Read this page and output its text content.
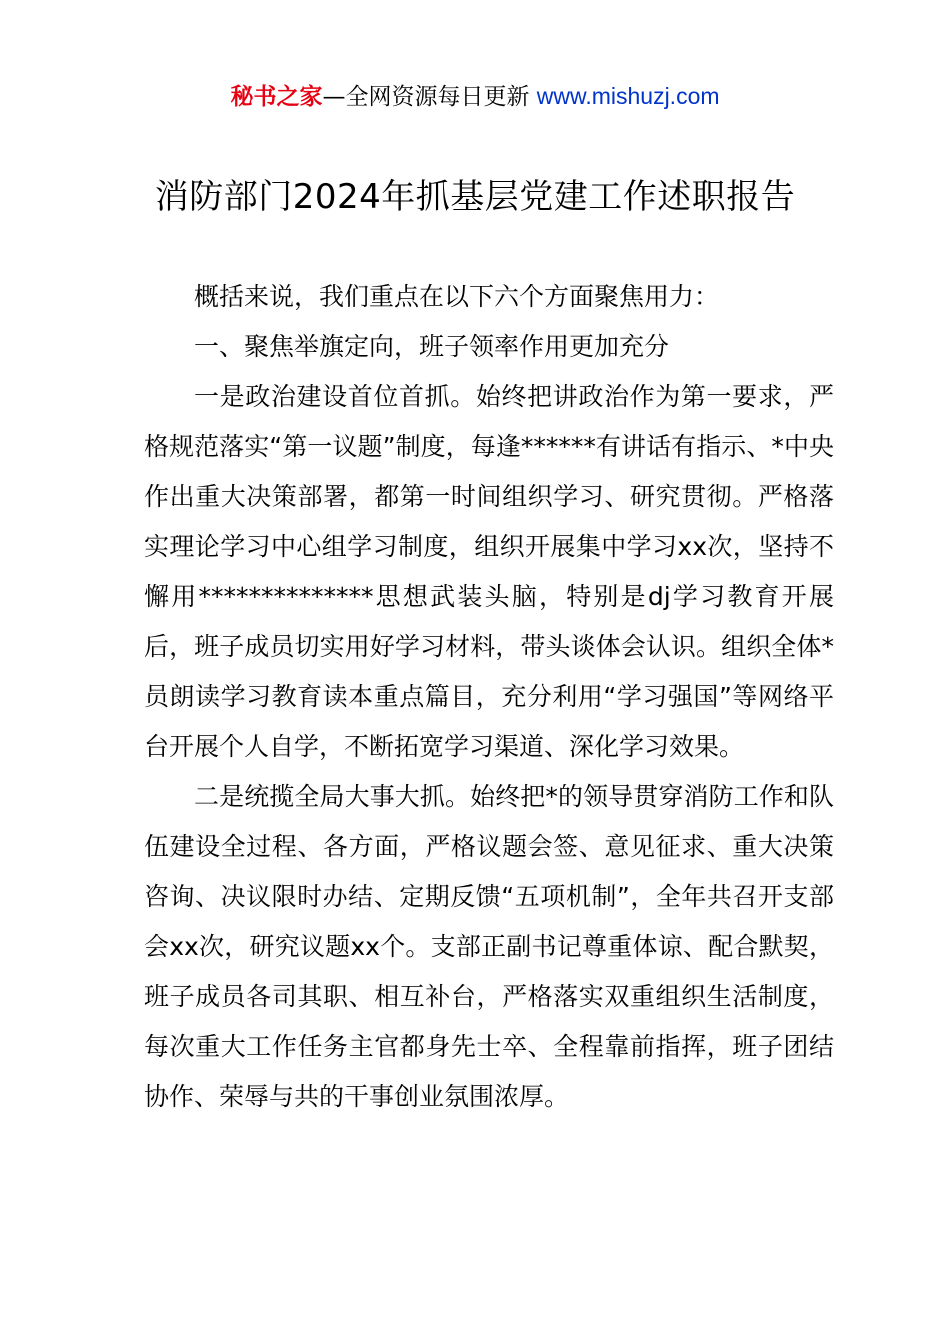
秘书之家—全网资源每日更新 www.mishuzj.com
消防部门2024年抓基层党建工作述职报告

概括来说，我们重点在以下六个方面聚焦用力：

一、聚焦举旗定向，班子领率作用更加充分

一是政治建设首位首抓。始终把讲政治作为第一要求，严格规范落实“第一议题”制度，每逢******有讲话有指示、*中央作出重大决策部署，都第一时间组织学习、研究贯彻。严格落实理论学习中心组学习制度，组织开展集中学习xx次，坚持不懈用**************思想武装头脑，特别是dj学习教育开展后，班子成员切实用好学习材料，带头谈体会认识。组织全体*员朗读学习教育读本重点篇目，充分利用“学习强国”等网络平台开展个人自学，不断拓宽学习渠道、深化学习效果。

二是统揽全局大事大抓。始终把*的领导贯穿消防工作和队伍建设全过程、各方面，严格议题会签、意见征求、重大决策咨询、决议限时办结、定期反馈“五项机制”，全年共召开支部会xx次，研究议题xx个。支部正副书记尊重体谅、配合默契，班子成员各司其职、相互补台，严格落实双重组织生活制度，每次重大工作任务主官都身先士卒、全程靠前指挥，班子团结协作、荣辱与共的干事创业氛围浓厚。
